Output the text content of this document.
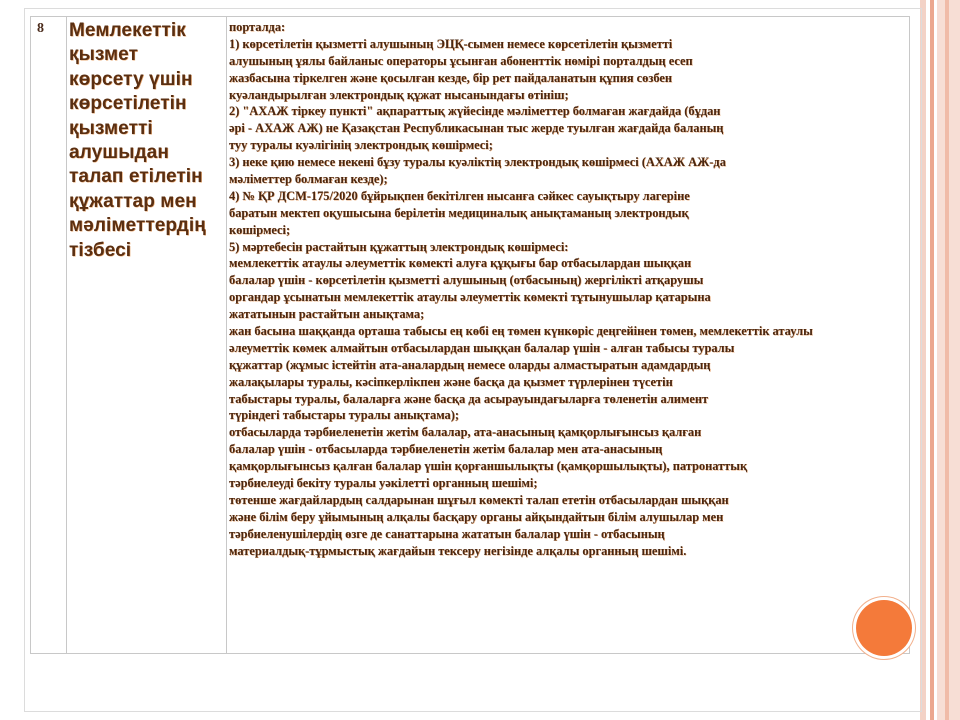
8	Мемлекеттік
қызмет
көрсету үшін
көрсетілетін
қызметті
алушыдан
талап етілетін
құжаттар мен
мәліметтердің
тізбесі
порталда:
1) көрсетілетін қызметті алушының ЭЦҚ-сымен немесе көрсетілетін қызметті
алушының ұялы байланыс операторы ұсынған абоненттік нөмірі порталдың есеп
жазбасына тіркелген және қосылған кезде, бір рет пайдаланатын құпия сөзбен
куәландырылған электрондық құжат нысанындағы өтініш;
2) "АХАЖ тіркеу пункті" ақпараттық жүйесінде мәліметтер болмаған жағдайда (бұдан
әрі - АХАЖ АЖ) не Қазақстан Республикасынан тыс жерде туылған жағдайда баланың
туу туралы куәлігінің электрондық көшірмесі;
3) неке қию немесе некені бұзу туралы куәліктің электрондық көшірмесі (АХАЖ АЖ-да
мәліметтер болмаған кезде);
4) № ҚР ДСМ-175/2020 бұйрықпен бекітілген нысанға сәйкес сауықтыру лагеріне
баратын мектеп оқушысына берілетін медициналық анықтаманың электрондық
көшірмесі;
5) мәртебесін растайтын құжаттың электрондық көшірмесі:
мемлекеттік атаулы әлеуметтік көмекті алуға құқығы бар отбасылардан шыққан
балалар үшін - көрсетілетін қызметті алушының (отбасының) жергілікті атқарушы
органдар ұсынатын мемлекеттік атаулы әлеуметтік көмекті тұтынушылар қатарына
жататынын растайтын анықтама;
жан басына шаққанда орташа табысы ең көбі ең төмен күнкөріс деңгейінен төмен, мемлекеттік атаулы
әлеуметтік көмек алмайтын отбасылардан шыққан балалар үшін - алған табысы туралы
құжаттар (жұмыс істейтін ата-аналардың немесе оларды алмастыратын адамдардың
жалақылары туралы, кәсіпкерлікпен және басқа да қызмет түрлерінен түсетін
табыстары туралы, балаларға және басқа да асырауындағыларға төленетін алимент
түріндегі табыстары туралы анықтама);
отбасыларда тәрбиеленетін жетім балалар, ата-анасының қамқорлығынсыз қалған
балалар үшін - отбасыларда тәрбиеленетін жетім балалар мен ата-анасының
қамқорлығынсыз қалған балалар үшін қорғаншылықты (қамқоршылықты), патронаттық
тәрбиелеуді бекіту туралы уәкілетті органның шешімі;
төтенше жағдайлардың салдарынан шұғыл көмекті талап ететін отбасылардан шыққан
және білім беру ұйымының алқалы басқару органы айқындайтын білім алушылар мен
тәрбиеленушілердің өзге де санаттарына жататын балалар үшін - отбасының
материалдық-тұрмыстық жағдайын тексеру негізінде алқалы органның шешімі.
